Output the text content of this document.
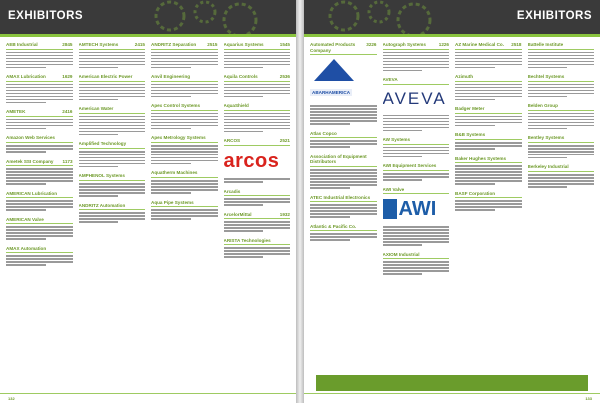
EXHIBITORS
AEB Industrial	2845
AMAX Lubrication	1629
AMETEK	2416
Amazon Web Services
Ametek SSI Company 1173
AMERICAN Lubrication
AMERICAN Valve
AMAX Automation
AMTECH Systems	2415
American Electric Power
American Water
Amplified Technology
AMPHENOL Systems
ANDRITZ Automation
ANDRITZ Separation 2515
Anvil Engineering
Apex Control Systems
Apex Metrology Systems
Aquatherm Machines
Aqua Pipe Systems
Aquarius Systems	1545
Aquila Controls	2536
AquaShield
ARCOS	2521
arcos
Arcadis
ArcelorMittal	1932
ARISTA Technologies
132
EXHIBITORS
Automated Products Company
3226
ABARHAMERICA
Atlas Copco
Association of Equipment Distributors
ATEC Industrial Electronics
Atlantic & Pacific Co.
Autograph Systems	1226
AVEVA
AVEVA
AW Systems
AWI Equipment Services
AWI Valve
AWI
AXIOM Industrial
AZ Marine Medical Co. 2518
Azimuth
Badger Meter
B&B Systems
Baker Hughes Systems
BASF Corporation
Battelle Institute
Bechtel Systems
Belden Group
Bentley Systems
Berkeley Industrial
133
